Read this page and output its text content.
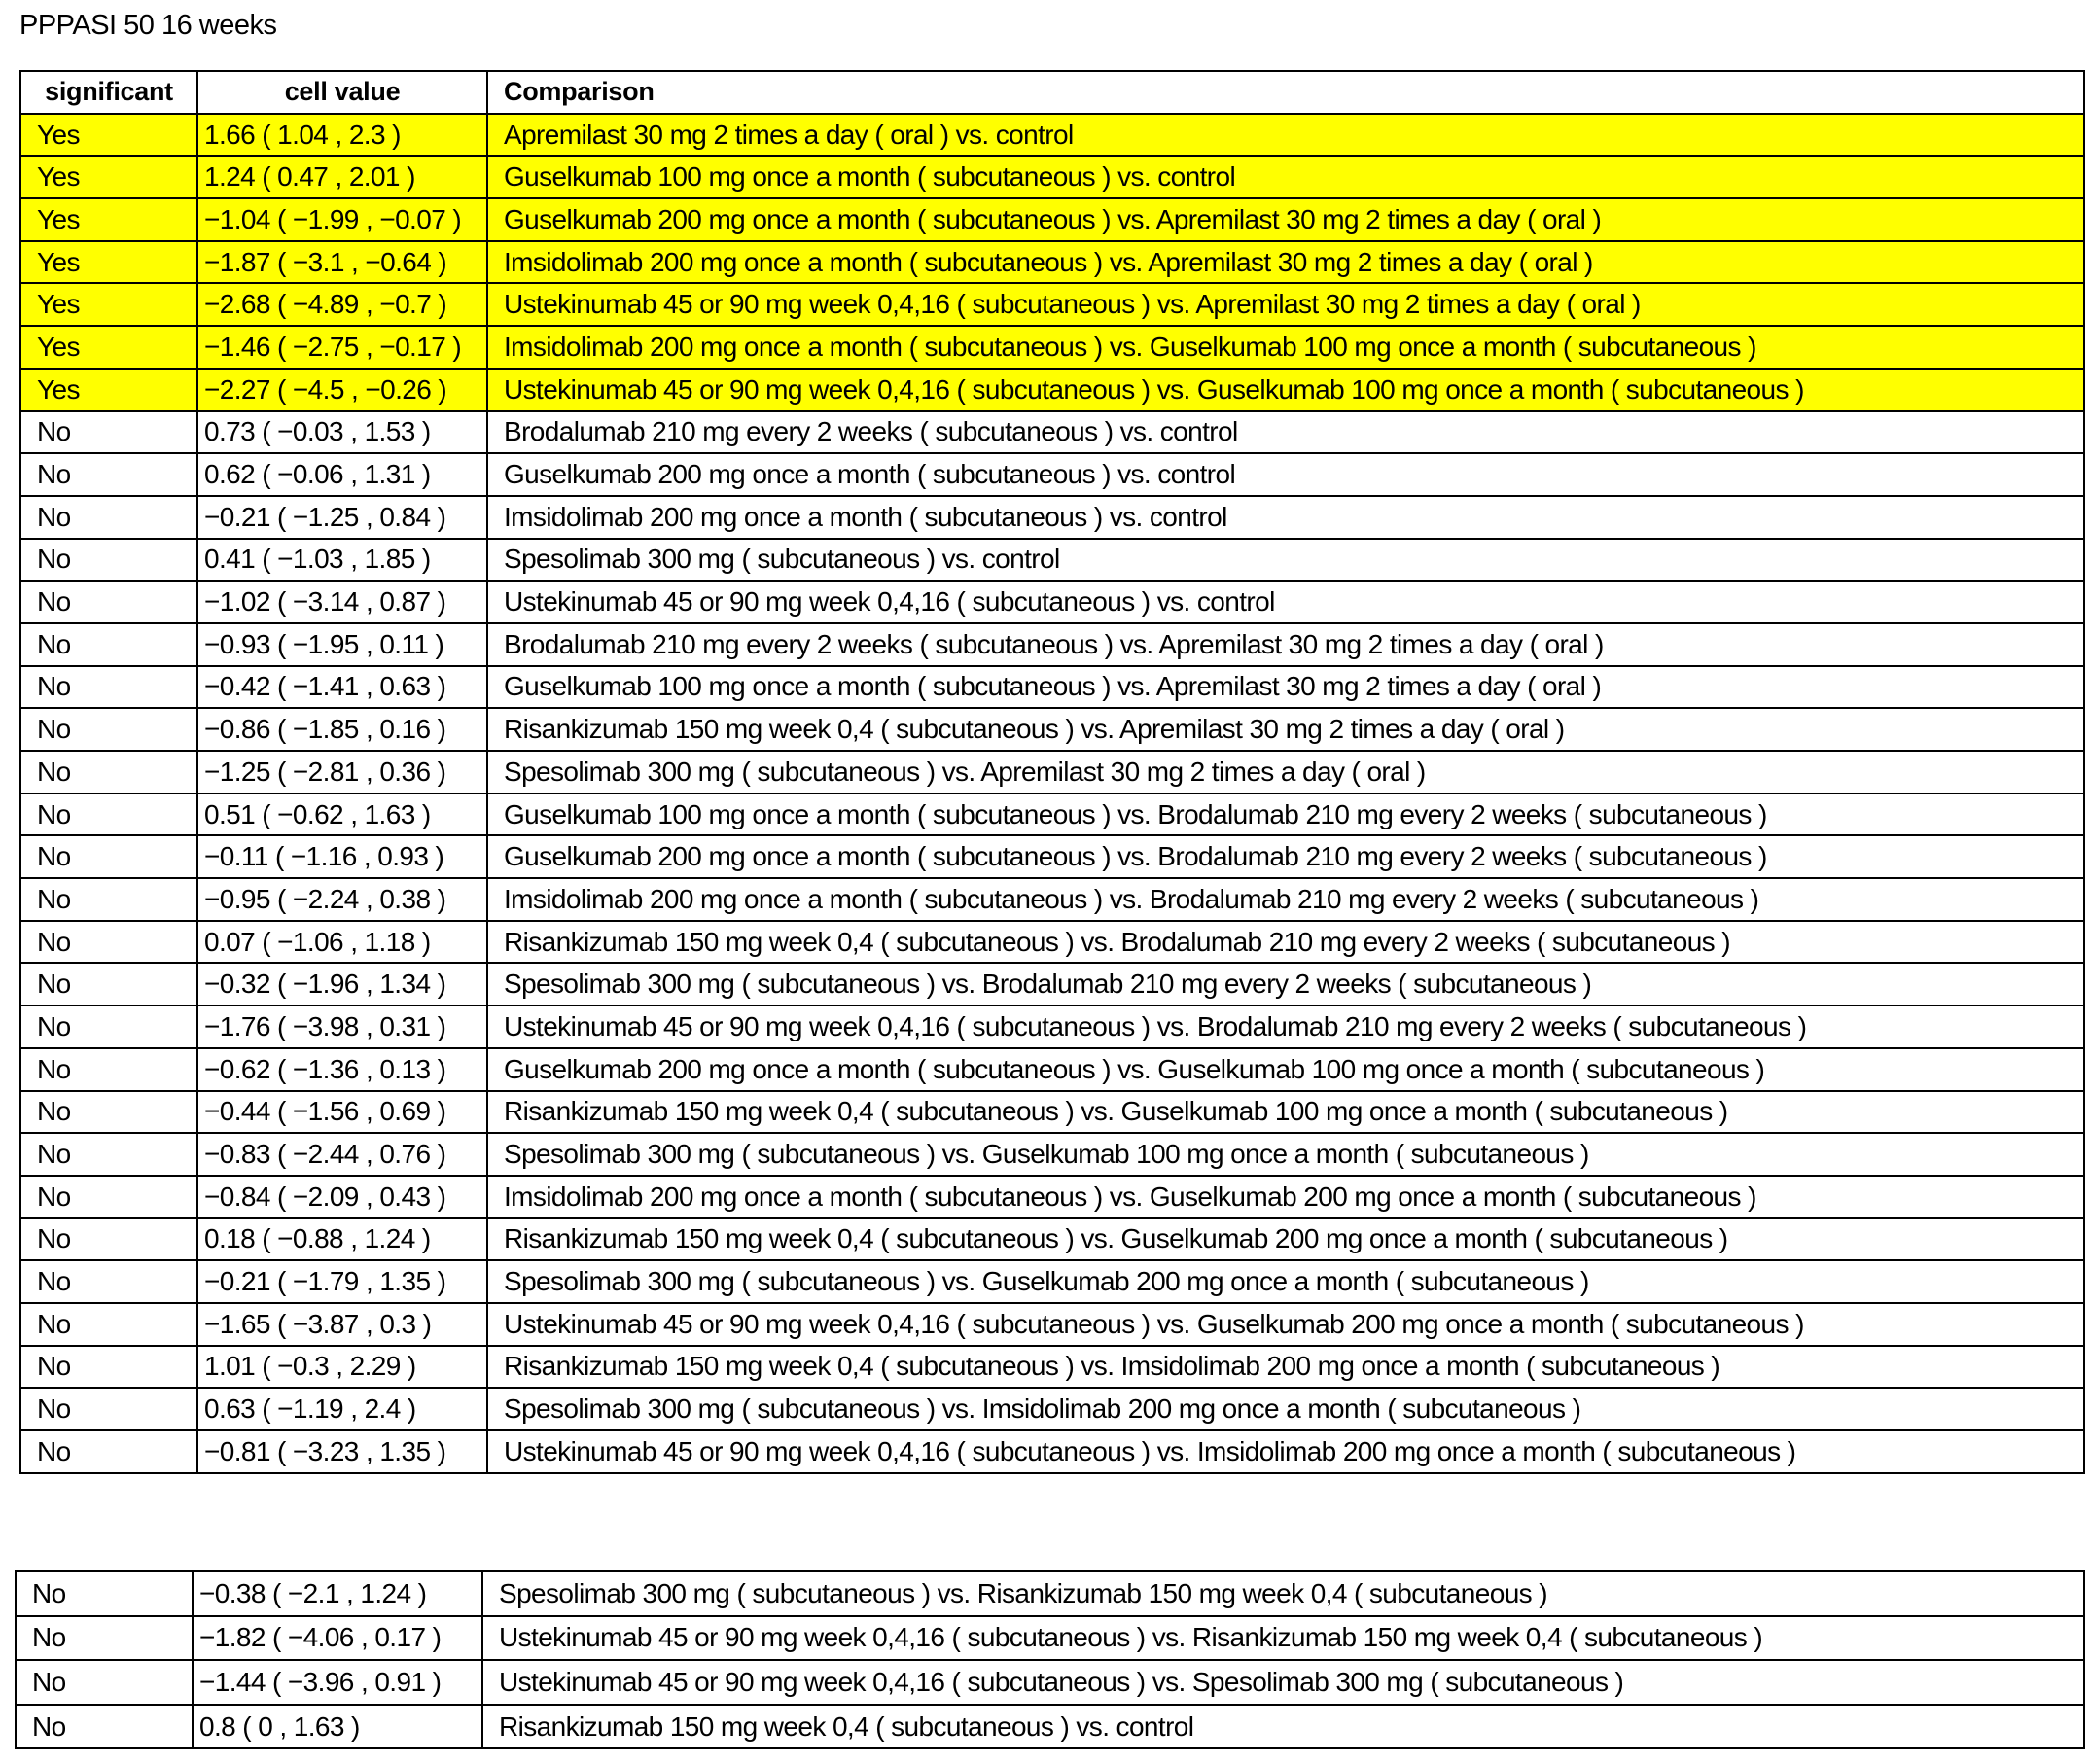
PPPASI 50 16 weeks
significant	cell value	Comparison
Yes	1.66 ( 1.04 , 2.3 )	Apremilast 30 mg 2 times a day ( oral ) vs. control
Yes	1.24 ( 0.47 , 2.01 )	Guselkumab 100 mg once a month ( subcutaneous ) vs. control
Yes	−1.04 ( −1.99 , −0.07 )	Guselkumab 200 mg once a month ( subcutaneous ) vs. Apremilast 30 mg 2 times a day ( oral )
Yes	−1.87 ( −3.1 , −0.64 )	Imsidolimab 200 mg once a month ( subcutaneous ) vs. Apremilast 30 mg 2 times a day ( oral )
Yes	−2.68 ( −4.89 , −0.7 )	Ustekinumab 45 or 90 mg week 0,4,16 ( subcutaneous ) vs. Apremilast 30 mg 2 times a day ( oral )
Yes	−1.46 ( −2.75 , −0.17 )	Imsidolimab 200 mg once a month ( subcutaneous ) vs. Guselkumab 100 mg once a month ( subcutaneous )
Yes	−2.27 ( −4.5 , −0.26 )	Ustekinumab 45 or 90 mg week 0,4,16 ( subcutaneous ) vs. Guselkumab 100 mg once a month ( subcutaneous )
No	0.73 ( −0.03 , 1.53 )	Brodalumab 210 mg every 2 weeks ( subcutaneous ) vs. control
No	0.62 ( −0.06 , 1.31 )	Guselkumab 200 mg once a month ( subcutaneous ) vs. control
No	−0.21 ( −1.25 , 0.84 )	Imsidolimab 200 mg once a month ( subcutaneous ) vs. control
No	0.41 ( −1.03 , 1.85 )	Spesolimab 300 mg ( subcutaneous ) vs. control
No	−1.02 ( −3.14 , 0.87 )	Ustekinumab 45 or 90 mg week 0,4,16 ( subcutaneous ) vs. control
No	−0.93 ( −1.95 , 0.11 )	Brodalumab 210 mg every 2 weeks ( subcutaneous ) vs. Apremilast 30 mg 2 times a day ( oral )
No	−0.42 ( −1.41 , 0.63 )	Guselkumab 100 mg once a month ( subcutaneous ) vs. Apremilast 30 mg 2 times a day ( oral )
No	−0.86 ( −1.85 , 0.16 )	Risankizumab 150 mg week 0,4 ( subcutaneous ) vs. Apremilast 30 mg 2 times a day ( oral )
No	−1.25 ( −2.81 , 0.36 )	Spesolimab 300 mg ( subcutaneous ) vs. Apremilast 30 mg 2 times a day ( oral )
No	0.51 ( −0.62 , 1.63 )	Guselkumab 100 mg once a month ( subcutaneous ) vs. Brodalumab 210 mg every 2 weeks ( subcutaneous )
No	−0.11 ( −1.16 , 0.93 )	Guselkumab 200 mg once a month ( subcutaneous ) vs. Brodalumab 210 mg every 2 weeks ( subcutaneous )
No	−0.95 ( −2.24 , 0.38 )	Imsidolimab 200 mg once a month ( subcutaneous ) vs. Brodalumab 210 mg every 2 weeks ( subcutaneous )
No	0.07 ( −1.06 , 1.18 )	Risankizumab 150 mg week 0,4 ( subcutaneous ) vs. Brodalumab 210 mg every 2 weeks ( subcutaneous )
No	−0.32 ( −1.96 , 1.34 )	Spesolimab 300 mg ( subcutaneous ) vs. Brodalumab 210 mg every 2 weeks ( subcutaneous )
No	−1.76 ( −3.98 , 0.31 )	Ustekinumab 45 or 90 mg week 0,4,16 ( subcutaneous ) vs. Brodalumab 210 mg every 2 weeks ( subcutaneous )
No	−0.62 ( −1.36 , 0.13 )	Guselkumab 200 mg once a month ( subcutaneous ) vs. Guselkumab 100 mg once a month ( subcutaneous )
No	−0.44 ( −1.56 , 0.69 )	Risankizumab 150 mg week 0,4 ( subcutaneous ) vs. Guselkumab 100 mg once a month ( subcutaneous )
No	−0.83 ( −2.44 , 0.76 )	Spesolimab 300 mg ( subcutaneous ) vs. Guselkumab 100 mg once a month ( subcutaneous )
No	−0.84 ( −2.09 , 0.43 )	Imsidolimab 200 mg once a month ( subcutaneous ) vs. Guselkumab 200 mg once a month ( subcutaneous )
No	0.18 ( −0.88 , 1.24 )	Risankizumab 150 mg week 0,4 ( subcutaneous ) vs. Guselkumab 200 mg once a month ( subcutaneous )
No	−0.21 ( −1.79 , 1.35 )	Spesolimab 300 mg ( subcutaneous ) vs. Guselkumab 200 mg once a month ( subcutaneous )
No	−1.65 ( −3.87 , 0.3 )	Ustekinumab 45 or 90 mg week 0,4,16 ( subcutaneous ) vs. Guselkumab 200 mg once a month ( subcutaneous )
No	1.01 ( −0.3 , 2.29 )	Risankizumab 150 mg week 0,4 ( subcutaneous ) vs. Imsidolimab 200 mg once a month ( subcutaneous )
No	0.63 ( −1.19 , 2.4 )	Spesolimab 300 mg ( subcutaneous ) vs. Imsidolimab 200 mg once a month ( subcutaneous )
No	−0.81 ( −3.23 , 1.35 )	Ustekinumab 45 or 90 mg week 0,4,16 ( subcutaneous ) vs. Imsidolimab 200 mg once a month ( subcutaneous )
No	−0.38 ( −2.1 , 1.24 )	Spesolimab 300 mg ( subcutaneous ) vs. Risankizumab 150 mg week 0,4 ( subcutaneous )
No	−1.82 ( −4.06 , 0.17 )	Ustekinumab 45 or 90 mg week 0,4,16 ( subcutaneous ) vs. Risankizumab 150 mg week 0,4 ( subcutaneous )
No	−1.44 ( −3.96 , 0.91 )	Ustekinumab 45 or 90 mg week 0,4,16 ( subcutaneous ) vs. Spesolimab 300 mg ( subcutaneous )
No	0.8 ( 0 , 1.63 )	Risankizumab 150 mg week 0,4 ( subcutaneous ) vs. control
